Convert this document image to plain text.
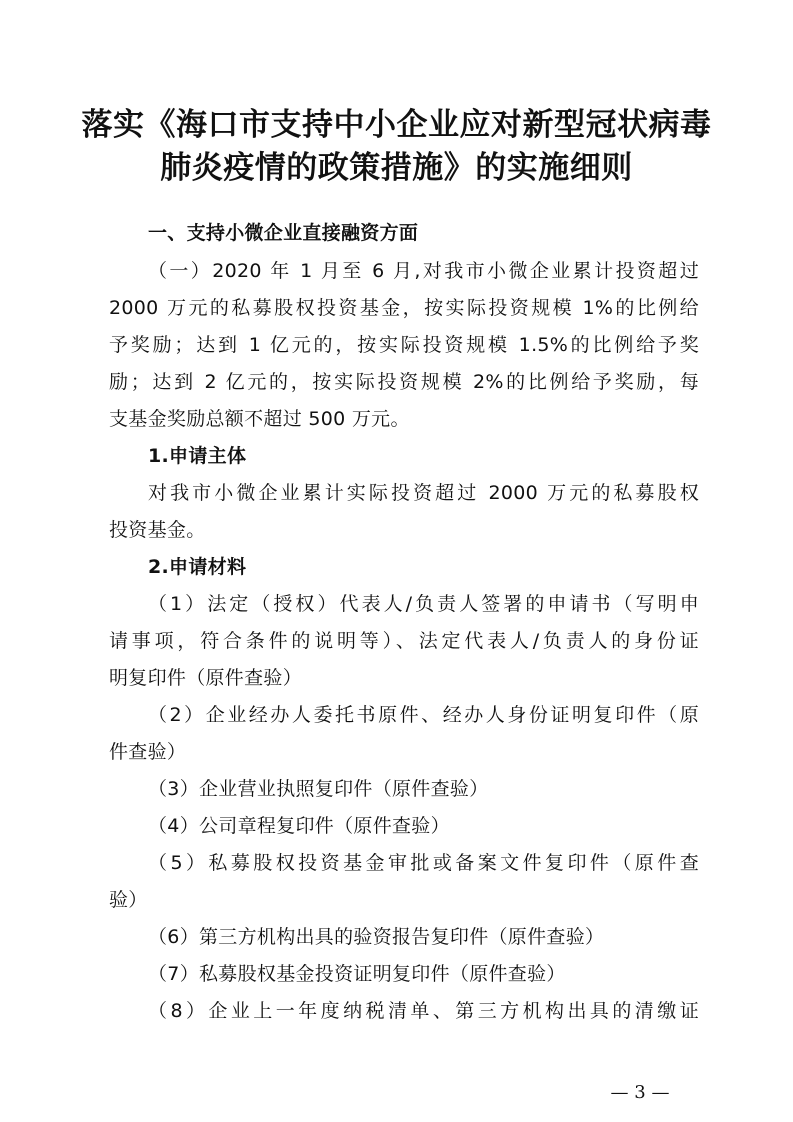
落实《海口市支持中小企业应对新型冠状病毒
肺炎疫情的政策措施》的实施细则
一、支持小微企业直接融资方面
（一）2020 年 1 月至 6 月,对我市小微企业累计投资超过
2000 万元的私募股权投资基金，按实际投资规模 1%的比例给
予奖励；达到 1 亿元的，按实际投资规模 1.5%的比例给予奖
励；达到 2 亿元的，按实际投资规模 2%的比例给予奖励，每
支基金奖励总额不超过 500 万元。
1.申请主体
对我市小微企业累计实际投资超过 2000 万元的私募股权
投资基金。
2.申请材料
（1）法定（授权）代表人/负责人签署的申请书（写明申
请事项，符合条件的说明等）、法定代表人/负责人的身份证
明复印件（原件查验）
（2）企业经办人委托书原件、经办人身份证明复印件（原
件查验）
（3）企业营业执照复印件（原件查验）
（4）公司章程复印件（原件查验）
（5）私募股权投资基金审批或备案文件复印件（原件查
验）
（6）第三方机构出具的验资报告复印件（原件查验）
（7）私募股权基金投资证明复印件（原件查验）
（8）企业上一年度纳税清单、第三方机构出具的清缴证
— 3 —
